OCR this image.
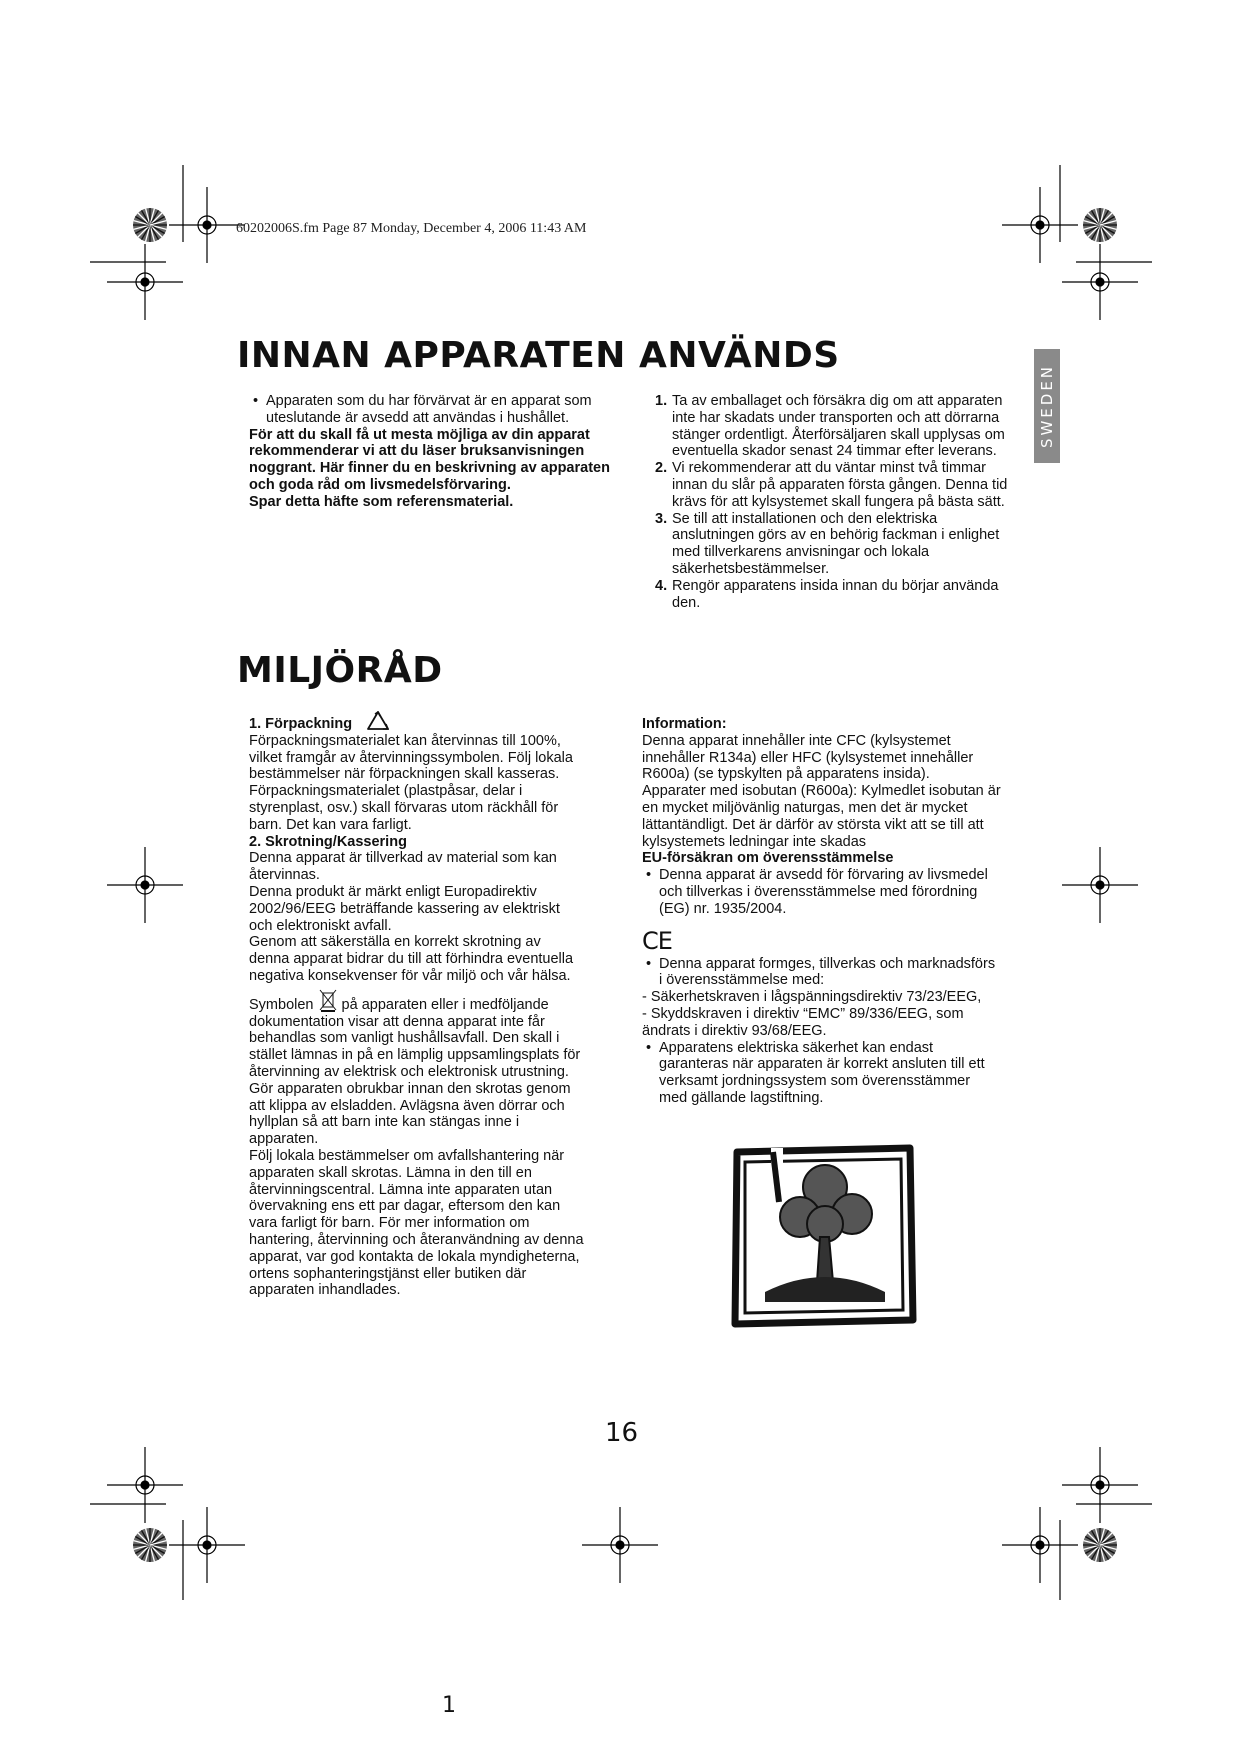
60202006S.fm Page 87 Monday, December 4, 2006 11:43 AM
SWEDEN
INNAN APPARATEN ANVÄNDS

• Apparaten som du har förvärvat är en apparat som uteslutande är avsedd att användas i hushållet.

För att du skall få ut mesta möjliga av din apparat rekommenderar vi att du läser bruksanvisningen noggrant. Här finner du en beskrivning av apparaten och goda råd om livsmedelsförvaring.

Spar detta häfte som referensmaterial.

1. Ta av emballaget och försäkra dig om att apparaten inte har skadats under transporten och att dörrarna stänger ordentligt. Återförsäljaren skall upplysas om eventuella skador senast 24 timmar efter leverans.

2. Vi rekommenderar att du väntar minst två timmar innan du slår på apparaten första gången. Denna tid krävs för att kylsystemet skall fungera på bästa sätt.

3. Se till att installationen och den elektriska anslutningen görs av en behörig fackman i enlighet med tillverkarens anvisningar och lokala säkerhetsbestämmelser.

4. Rengör apparatens insida innan du börjar använda den.

MILJÖRÅD

1. Förpackning

Förpackningsmaterialet kan återvinnas till 100%, vilket framgår av återvinningssymbolen. Följ lokala bestämmelser när förpackningen skall kasseras.

Förpackningsmaterialet (plastpåsar, delar i styrenplast, osv.) skall förvaras utom räckhåll för barn. Det kan vara farligt.

2. Skrotning/Kassering

Denna apparat är tillverkad av material som kan återvinnas.

Denna produkt är märkt enligt Europadirektiv 2002/96/EEG beträffande kassering av elektriskt och elektroniskt avfall.

Genom att säkerställa en korrekt skrotning av denna apparat bidrar du till att förhindra eventuella negativa konsekvenser för vår miljö och vår hälsa.

Symbolen på apparaten eller i medföljande dokumentation visar att denna apparat inte får behandlas som vanligt hushållsavfall. Den skall i stället lämnas in på en lämplig uppsamlingsplats för återvinning av elektrisk och elektronisk utrustning. Gör apparaten obrukbar innan den skrotas genom att klippa av elsladden. Avlägsna även dörrar och hyllplan så att barn inte kan stängas inne i apparaten.

Följ lokala bestämmelser om avfallshantering när apparaten skall skrotas. Lämna in den till en återvinningscentral. Lämna inte apparaten utan övervakning ens ett par dagar, eftersom den kan vara farligt för barn. För mer information om hantering, återvinning och återanvändning av denna apparat, var god kontakta de lokala myndigheterna, ortens sophanteringstjänst eller butiken där apparaten inhandlades.

Information:

Denna apparat innehåller inte CFC (kylsystemet innehåller R134a) eller HFC (kylsystemet innehåller R600a) (se typskylten på apparatens insida).

Apparater med isobutan (R600a): Kylmedlet isobutan är en mycket miljövänlig naturgas, men det är mycket lättantändligt. Det är därför av största vikt att se till att kylsystemets ledningar inte skadas

EU-försäkran om överensstämmelse

• Denna apparat är avsedd för förvaring av livsmedel och tillverkas i överensstämmelse med förordning (EG) nr. 1935/2004.

CE

• Denna apparat formges, tillverkas och marknadsförs i överensstämmelse med:

- Säkerhetskraven i lågspänningsdirektiv 73/23/EEG,

- Skyddskraven i direktiv “EMC” 89/336/EEG, som ändrats i direktiv 93/68/EEG.

• Apparatens elektriska säkerhet kan endast garanteras när apparaten är korrekt ansluten till ett verksamt jordningssystem som överensstämmer med gällande lagstiftning.

16
1
